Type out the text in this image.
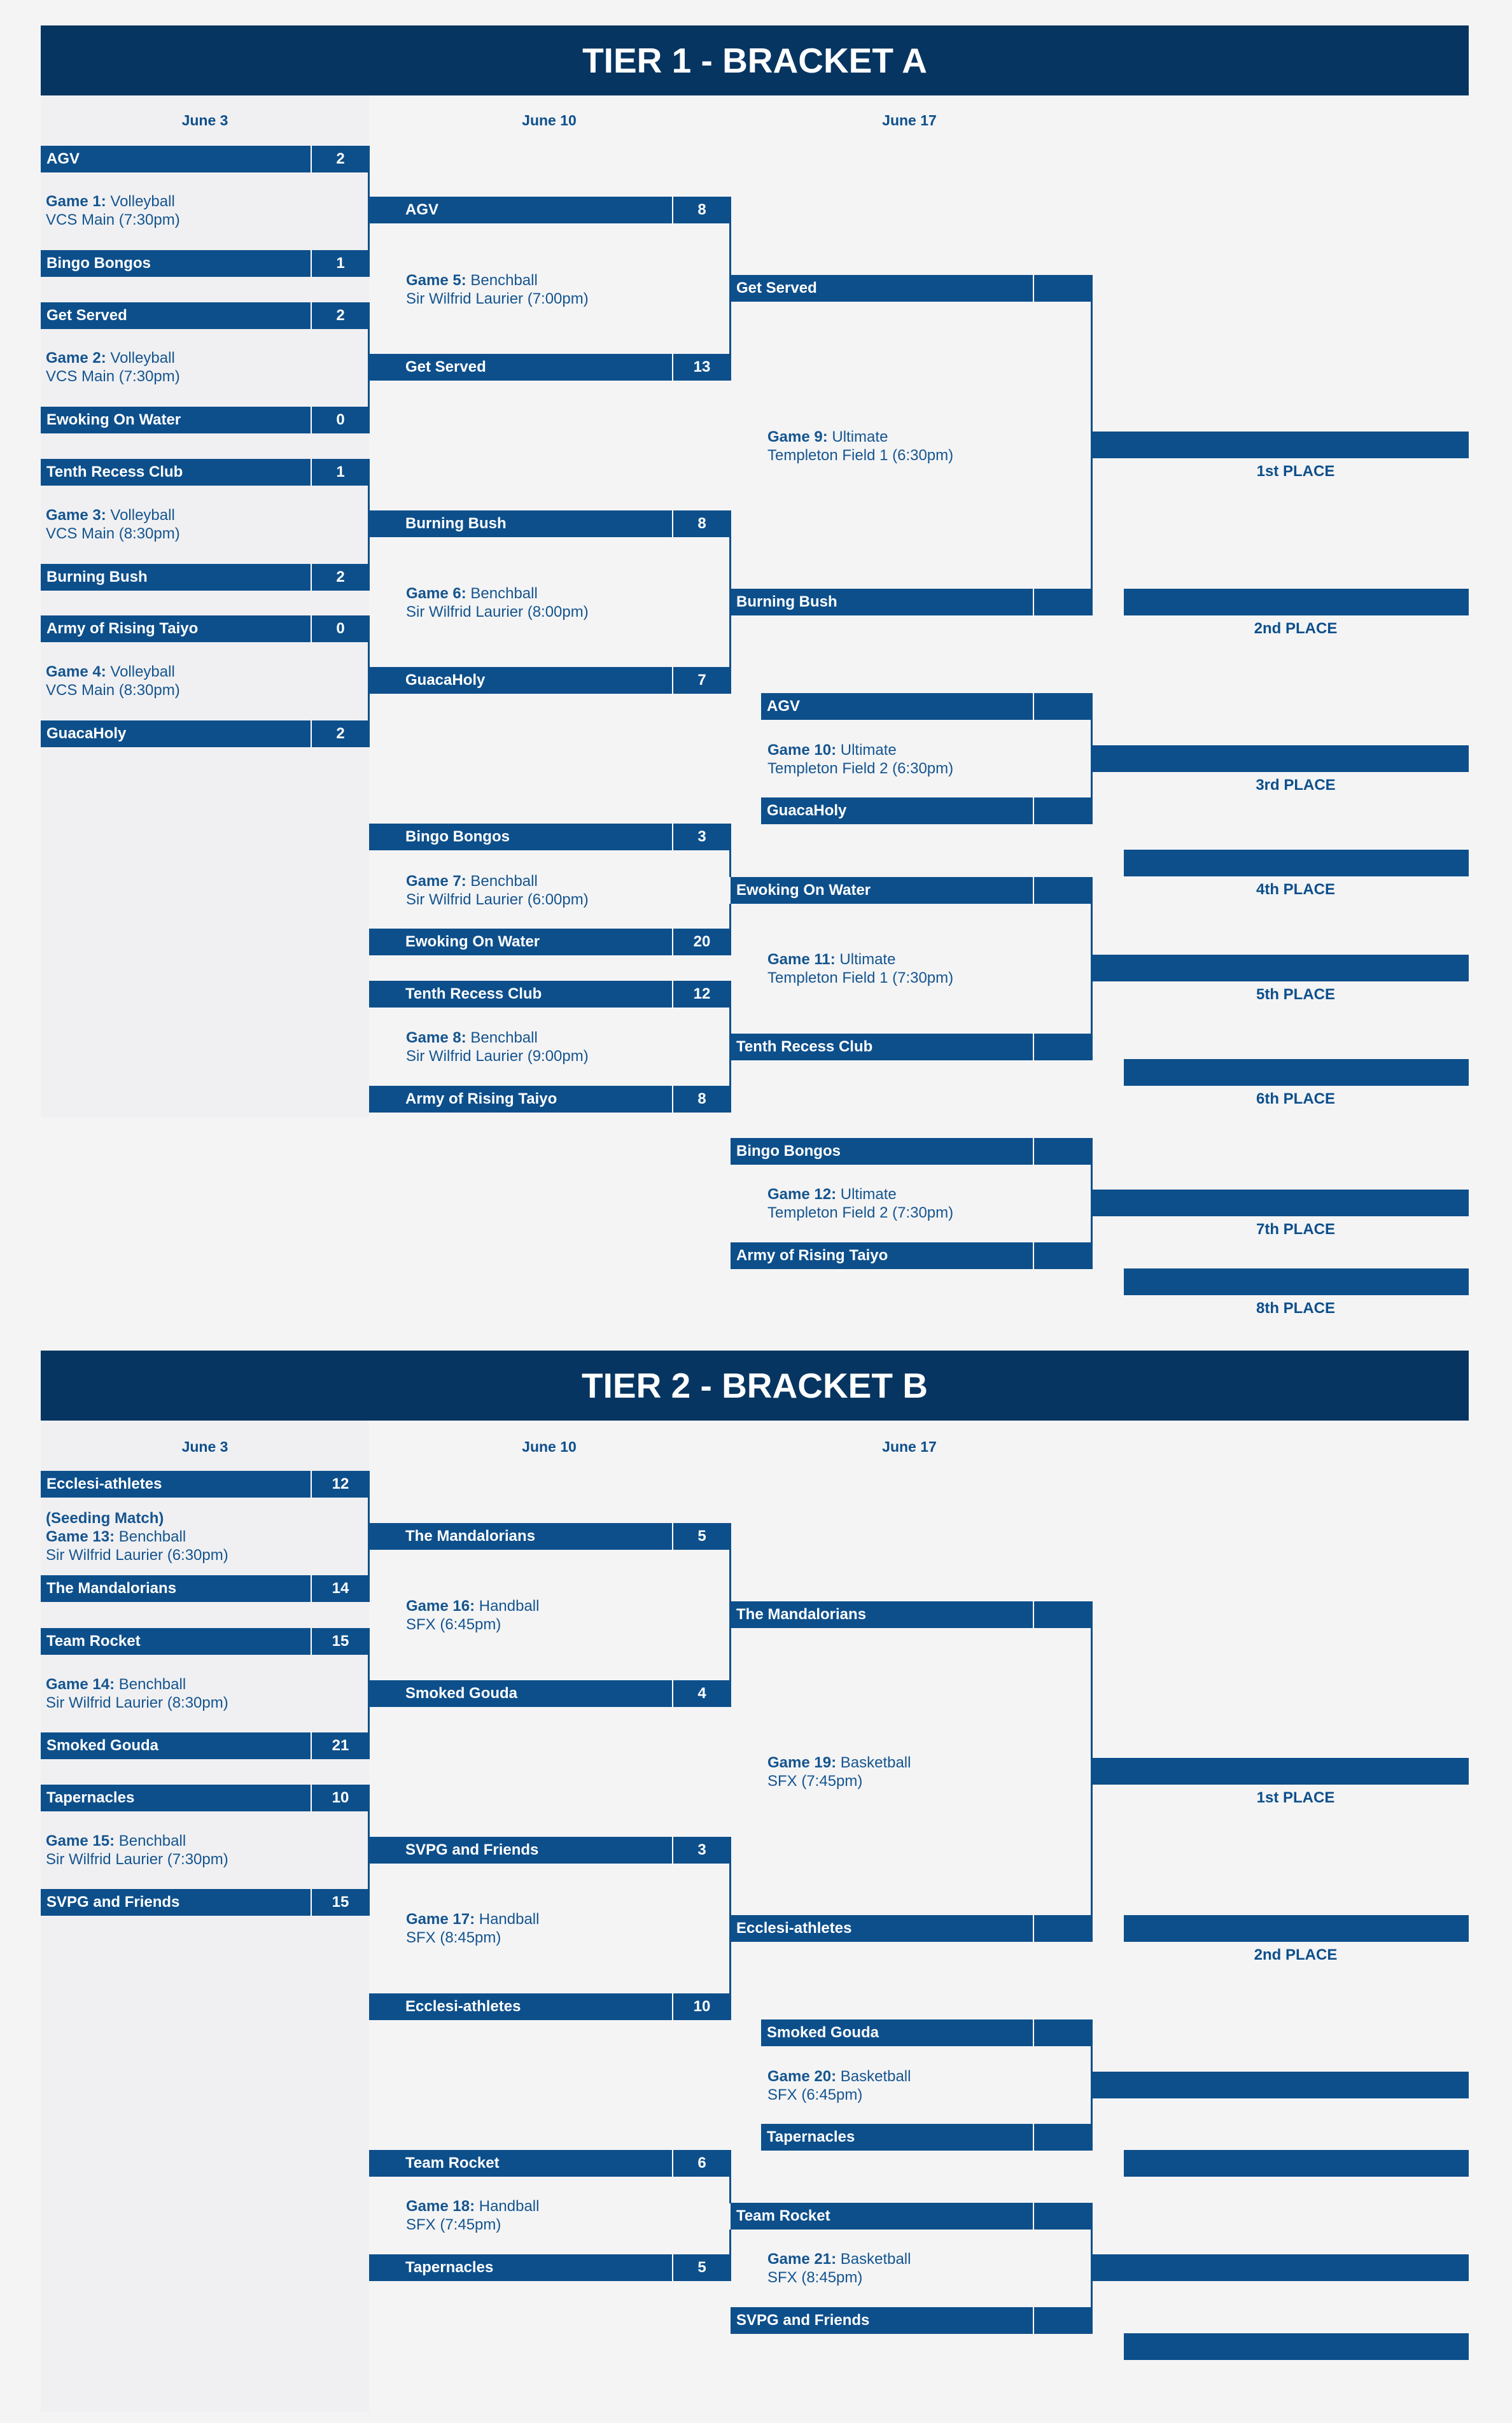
TIER 1 - BRACKET A
June 3	June 10	June 17
AGV	2
Game 1: Volleyball
VCS Main (7:30pm)
Bingo Bongos	1
Get Served	2
Game 2: Volleyball
VCS Main (7:30pm)
Ewoking On Water	0
Tenth Recess Club	1
Game 3: Volleyball
VCS Main (8:30pm)
Burning Bush	2
Army of Rising Taiyo	0
Game 4: Volleyball
VCS Main (8:30pm)
GuacaHoly	2
AGV	8
Game 5: Benchball
Sir Wilfrid Laurier (7:00pm)
Get Served	13
Burning Bush	8
Game 6: Benchball
Sir Wilfrid Laurier (8:00pm)
GuacaHoly	7
Bingo Bongos	3
Game 7: Benchball
Sir Wilfrid Laurier (6:00pm)
Ewoking On Water	20
Tenth Recess Club	12
Game 8: Benchball
Sir Wilfrid Laurier (9:00pm)
Army of Rising Taiyo	8
Get Served
Game 9: Ultimate
Templeton Field 1 (6:30pm)
Burning Bush
AGV
Game 10: Ultimate
Templeton Field 2 (6:30pm)
GuacaHoly
Ewoking On Water
Game 11: Ultimate
Templeton Field 1 (7:30pm)
Tenth Recess Club
Bingo Bongos
Game 12: Ultimate
Templeton Field 2 (7:30pm)
Army of Rising Taiyo
1st PLACE
2nd PLACE
3rd PLACE
4th PLACE
5th PLACE
6th PLACE
7th PLACE
8th PLACE
TIER 2 - BRACKET B
June 3	June 10	June 17
Ecclesi-athletes	12
(Seeding Match)
Game 13: Benchball
Sir Wilfrid Laurier (6:30pm)
The Mandalorians	14
Team Rocket	15
Game 14: Benchball
Sir Wilfrid Laurier (8:30pm)
Smoked Gouda	21
Tapernacles	10
Game 15: Benchball
Sir Wilfrid Laurier (7:30pm)
SVPG and Friends	15
The Mandalorians	5
Game 16: Handball
SFX (6:45pm)
Smoked Gouda	4
SVPG and Friends	3
Game 17: Handball
SFX (8:45pm)
Ecclesi-athletes	10
Team Rocket	6
Game 18: Handball
SFX (7:45pm)
Tapernacles	5
The Mandalorians
Game 19: Basketball
SFX (7:45pm)
Ecclesi-athletes
Smoked Gouda
Game 20: Basketball
SFX (6:45pm)
Tapernacles
Team Rocket
Game 21: Basketball
SFX (8:45pm)
SVPG and Friends
1st PLACE
2nd PLACE
